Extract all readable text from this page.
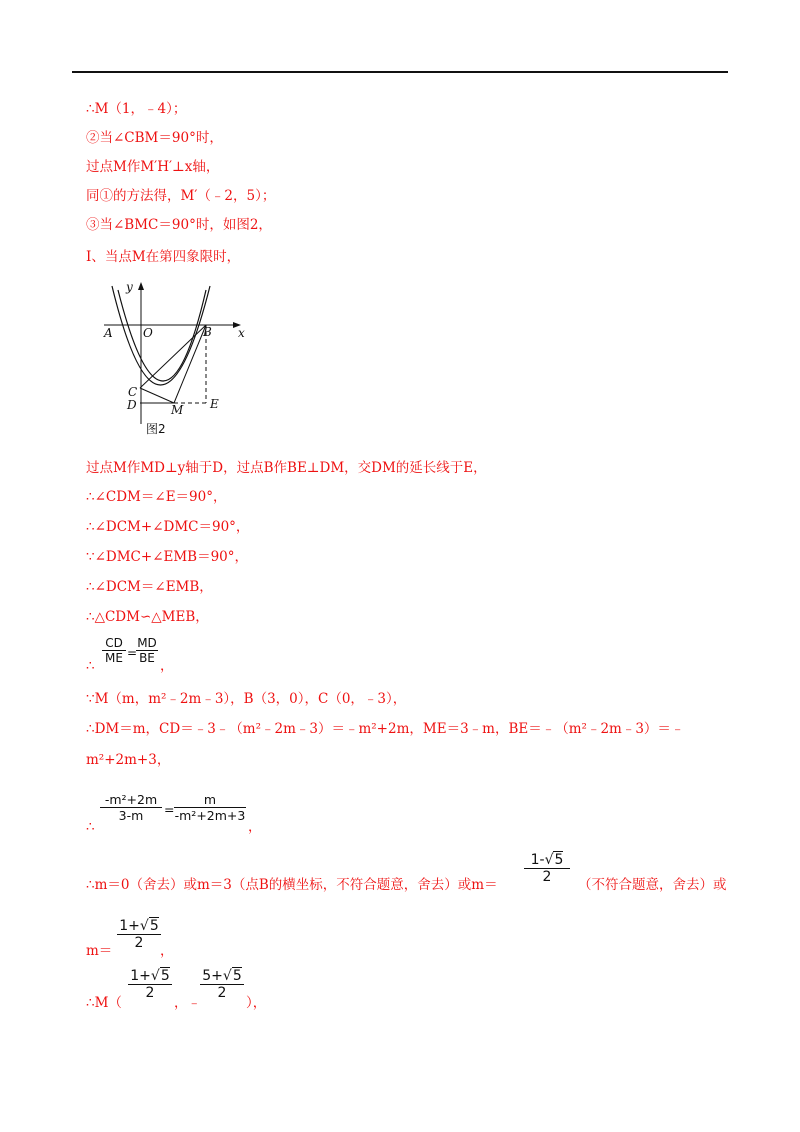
∴M（1，﹣4）；
②当∠CBM＝90°时，
过点M作M′H′⊥x轴，
同①的方法得，M′（﹣2，5）；
③当∠BMC＝90°时，如图2，
Ⅰ、当点M在第四象限时，
y
x
A	O	B
C
D	M E
图2
过点M作MD⊥y轴于D，过点B作BE⊥DM，交DM的延长线于E，
∴∠CDM＝∠E＝90°，
∴∠DCM+∠DMC＝90°，
∵∠DMC+∠EMB＝90°，
∴∠DCM＝∠EMB，
∴△CDM∽△MEB，
∴
CD
ME =
MD
BE ，
∵M（m，m²﹣2m﹣3），B（3，0），C（0，﹣3），
∴DM＝m，CD＝﹣3﹣（m²﹣2m﹣3）＝﹣m²+2m，ME＝3﹣m，BE＝﹣（m²﹣2m﹣3）＝﹣
m²+2m+3，
∴
-m²+2m
3-m	=
m
-m²+2m+3
，
∴m＝0（舍去）或m＝3（点B的横坐标，不符合题意，舍去）或m＝
1-√5
2	（不符合题意，舍去）或
m＝
1+√5
2	，
∴M（
1+√5
2
，﹣
5+√5
2
），
